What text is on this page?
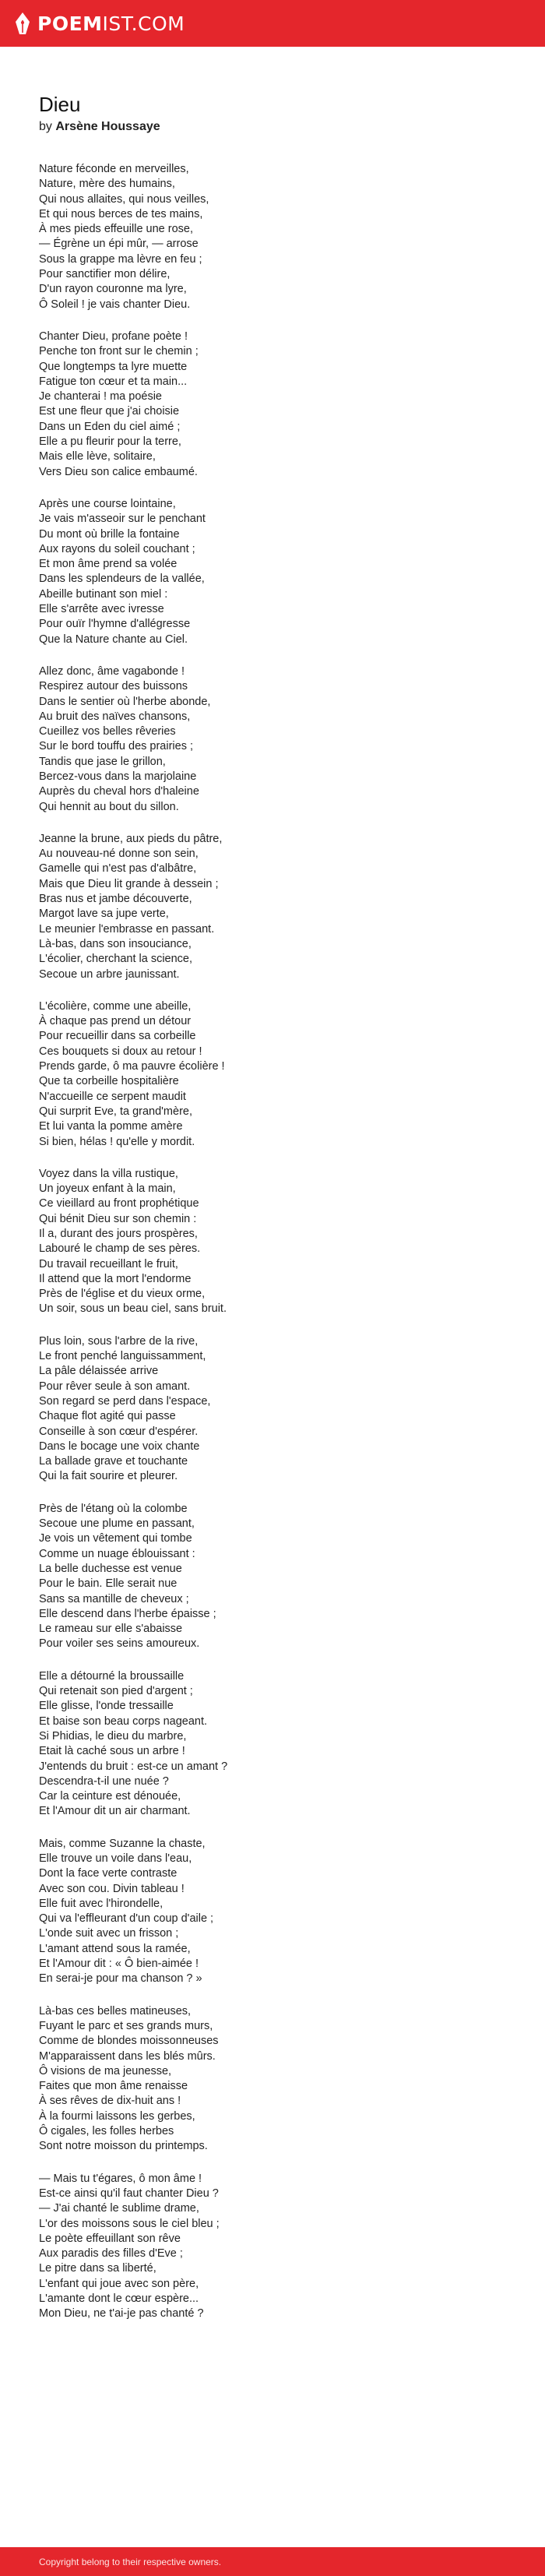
POEMIST.COM
Dieu
by Arsène Houssaye
Nature féconde en merveilles,
Nature, mère des humains,
Qui nous allaites, qui nous veilles,
Et qui nous berces de tes mains,
À mes pieds effeuille une rose,
— Égrène un épi mûr, — arrose
Sous la grappe ma lèvre en feu ;
Pour sanctifier mon délire,
D'un rayon couronne ma lyre,
Ô Soleil ! je vais chanter Dieu.
Chanter Dieu, profane poète !
Penche ton front sur le chemin ;
Que longtemps ta lyre muette
Fatigue ton cœur et ta main...
Je chanterai ! ma poésie
Est une fleur que j'ai choisie
Dans un Eden du ciel aimé ;
Elle a pu fleurir pour la terre,
Mais elle lève, solitaire,
Vers Dieu son calice embaumé.
Après une course lointaine,
Je vais m'asseoir sur le penchant
Du mont où brille la fontaine
Aux rayons du soleil couchant ;
Et mon âme prend sa volée
Dans les splendeurs de la vallée,
Abeille butinant son miel :
Elle s'arrête avec ivresse
Pour ouïr l'hymne d'allégresse
Que la Nature chante au Ciel.
Allez donc, âme vagabonde !
Respirez autour des buissons
Dans le sentier où l'herbe abonde,
Au bruit des naïves chansons,
Cueillez vos belles rêveries
Sur le bord touffu des prairies ;
Tandis que jase le grillon,
Bercez-vous dans la marjolaine
Auprès du cheval hors d'haleine
Qui hennit au bout du sillon.
Jeanne la brune, aux pieds du pâtre,
Au nouveau-né donne son sein,
Gamelle qui n'est pas d'albâtre,
Mais que Dieu lit grande à dessein ;
Bras nus et jambe découverte,
Margot lave sa jupe verte,
Le meunier l'embrasse en passant.
Là-bas, dans son insouciance,
L'écolier, cherchant la science,
Secoue un arbre jaunissant.
L'écolière, comme une abeille,
À chaque pas prend un détour
Pour recueillir dans sa corbeille
Ces bouquets si doux au retour !
Prends garde, ô ma pauvre écolière !
Que ta corbeille hospitalière
N'accueille ce serpent maudit
Qui surprit Eve, ta grand'mère,
Et lui vanta la pomme amère
Si bien, hélas ! qu'elle y mordit.
Voyez dans la villa rustique,
Un joyeux enfant à la main,
Ce vieillard au front prophétique
Qui bénit Dieu sur son chemin :
Il a, durant des jours prospères,
Labouré le champ de ses pères.
Du travail recueillant le fruit,
Il attend que la mort l'endorme
Près de l'église et du vieux orme,
Un soir, sous un beau ciel, sans bruit.
Plus loin, sous l'arbre de la rive,
Le front penché languissamment,
La pâle délaissée arrive
Pour rêver seule à son amant.
Son regard se perd dans l'espace,
Chaque flot agité qui passe
Conseille à son cœur d'espérer.
Dans le bocage une voix chante
La ballade grave et touchante
Qui la fait sourire et pleurer.
Près de l'étang où la colombe
Secoue une plume en passant,
Je vois un vêtement qui tombe
Comme un nuage éblouissant :
La belle duchesse est venue
Pour le bain. Elle serait nue
Sans sa mantille de cheveux ;
Elle descend dans l'herbe épaisse ;
Le rameau sur elle s'abaisse
Pour voiler ses seins amoureux.
Elle a détourné la broussaille
Qui retenait son pied d'argent ;
Elle glisse, l'onde tressaille
Et baise son beau corps nageant.
Si Phidias, le dieu du marbre,
Etait là caché sous un arbre !
J'entends du bruit : est-ce un amant ?
Descendra-t-il une nuée ?
Car la ceinture est dénouée,
Et l'Amour dit un air charmant.
Mais, comme Suzanne la chaste,
Elle trouve un voile dans l'eau,
Dont la face verte contraste
Avec son cou. Divin tableau !
Elle fuit avec l'hirondelle,
Qui va l'effleurant d'un coup d'aile ;
L'onde suit avec un frisson ;
L'amant attend sous la ramée,
Et l'Amour dit : « Ô bien-aimée !
En serai-je pour ma chanson ? »
Là-bas ces belles matineuses,
Fuyant le parc et ses grands murs,
Comme de blondes moissonneuses
M'apparaissent dans les blés mûrs.
Ô visions de ma jeunesse,
Faites que mon âme renaisse
À ses rêves de dix-huit ans !
À la fourmi laissons les gerbes,
Ô cigales, les folles herbes
Sont notre moisson du printemps.
— Mais tu t'égares, ô mon âme !
Est-ce ainsi qu'il faut chanter Dieu ?
— J'ai chanté le sublime drame,
L'or des moissons sous le ciel bleu ;
Le poète effeuillant son rêve
Aux paradis des filles d'Eve ;
Le pitre dans sa liberté,
L'enfant qui joue avec son père,
L'amante dont le cœur espère...
Mon Dieu, ne t'ai-je pas chanté ?
Copyright belong to their respective owners.
